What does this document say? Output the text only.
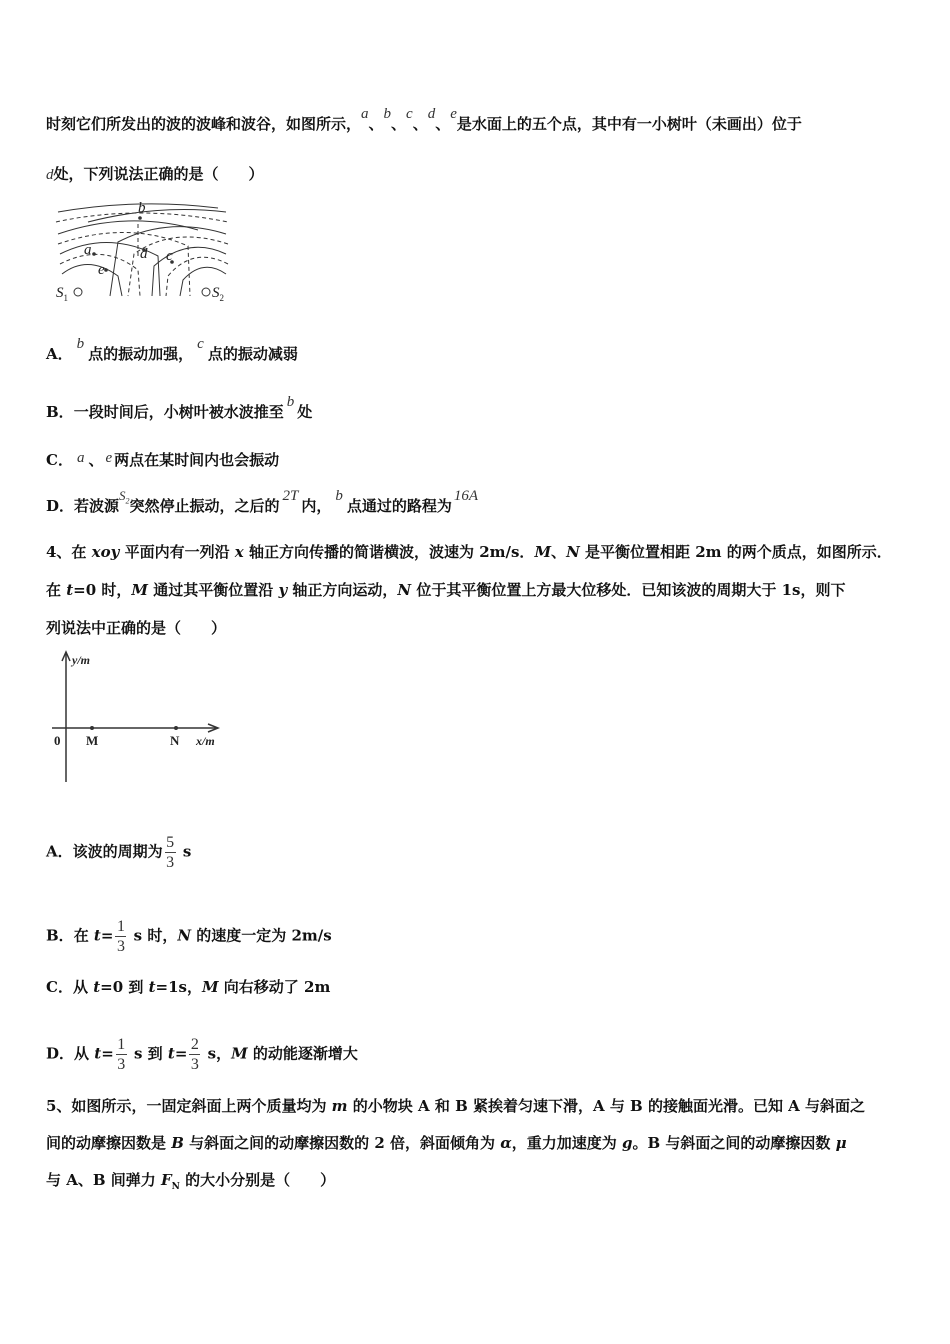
时刻它们所发出的波的波峰和波谷，如图所示，a、b、c、d、e是水面上的五个点，其中有一小树叶（未画出）位于
d处，下列说法正确的是（　　）
b
a	d c
e
$S_1$	$S_2$
A．b点的振动加强，c点的振动减弱
B．一段时间后，小树叶被水波推至b处
C． a 、 e 两点在某时间内也会振动
D．若波源$S_2$突然停止振动，之后的2T内，b点通过的路程为16A
4、在 xoy 平面内有一列沿 x 轴正方向传播的简谐横波，波速为 2m/s．M、N 是平衡位置相距 2m 的两个质点，如图所示．
在 t=0 时，M 通过其平衡位置沿 y 轴正方向运动，N 位于其平衡位置上方最大位移处．已知该波的周期大于 1s，则下
列说法中正确的是（　　）
y/m
x/m
0 M	N
A．该波的周期为 $\frac{5}{3}$ s
B．在 $t= \frac{1}{3}$ s 时，N 的速度一定为 2m/s
C．从 t=0 到 t=1s，M 向右移动了 2m
D．从 $t= \frac{1}{3}$ s 到 $t= \frac{2}{3}$ s，M 的动能逐渐增大
5、如图所示，一固定斜面上两个质量均为 m 的小物块 A 和 B 紧挨着匀速下滑，A 与 B 的接触面光滑。已知 A 与斜面之
间的动摩擦因数是 B 与斜面之间的动摩擦因数的 2 倍，斜面倾角为 α，重力加速度为 g。B 与斜面之间的动摩擦因数 μ
与 A、B 间弹力 $F_N$ 的大小分别是（　　）
